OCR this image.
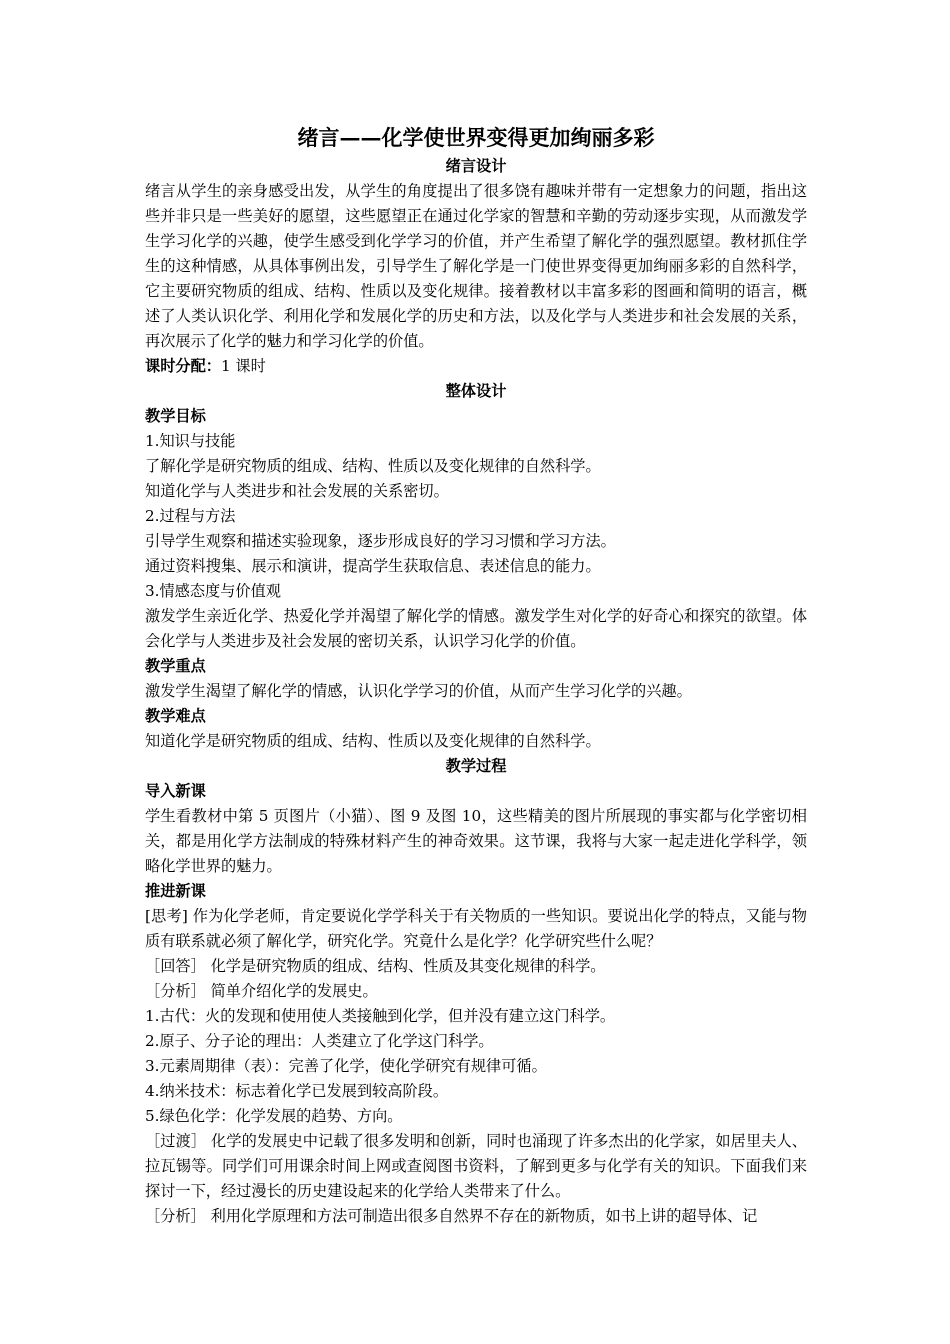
绪言——化学使世界变得更加绚丽多彩

绪言设计

绪言从学生的亲身感受出发，从学生的角度提出了很多饶有趣味并带有一定想象力的问题，指出这些并非只是一些美好的愿望，这些愿望正在通过化学家的智慧和辛勤的劳动逐步实现，从而激发学生学习化学的兴趣，使学生感受到化学学习的价值，并产生希望了解化学的强烈愿望。教材抓住学生的这种情感，从具体事例出发，引导学生了解化学是一门使世界变得更加绚丽多彩的自然科学，它主要研究物质的组成、结构、性质以及变化规律。接着教材以丰富多彩的图画和简明的语言，概述了人类认识化学、利用化学和发展化学的历史和方法，以及化学与人类进步和社会发展的关系，再次展示了化学的魅力和学习化学的价值。

课时分配：1 课时

整体设计

教学目标

1.知识与技能

了解化学是研究物质的组成、结构、性质以及变化规律的自然科学。

知道化学与人类进步和社会发展的关系密切。

2.过程与方法

引导学生观察和描述实验现象，逐步形成良好的学习习惯和学习方法。

通过资料搜集、展示和演讲，提高学生获取信息、表述信息的能力。

3.情感态度与价值观

激发学生亲近化学、热爱化学并渴望了解化学的情感。激发学生对化学的好奇心和探究的欲望。体会化学与人类进步及社会发展的密切关系，认识学习化学的价值。

教学重点

激发学生渴望了解化学的情感，认识化学学习的价值，从而产生学习化学的兴趣。

教学难点

知道化学是研究物质的组成、结构、性质以及变化规律的自然科学。

教学过程

导入新课

学生看教材中第 5 页图片（小猫）、图 9 及图 10，这些精美的图片所展现的事实都与化学密切相关，都是用化学方法制成的特殊材料产生的神奇效果。这节课，我将与大家一起走进化学科学，领略化学世界的魅力。

推进新课

[思考] 作为化学老师，肯定要说化学学科关于有关物质的一些知识。要说出化学的特点，又能与物质有联系就必须了解化学，研究化学。究竟什么是化学？化学研究些什么呢？

［回答］ 化学是研究物质的组成、结构、性质及其变化规律的科学。

［分析］ 简单介绍化学的发展史。

1.古代：火的发现和使用使人类接触到化学，但并没有建立这门科学。

2.原子、分子论的理出：人类建立了化学这门科学。

3.元素周期律（表）：完善了化学，使化学研究有规律可循。

4.纳米技术：标志着化学已发展到较高阶段。

5.绿色化学：化学发展的趋势、方向。

［过渡］ 化学的发展史中记载了很多发明和创新，同时也涌现了许多杰出的化学家，如居里夫人、拉瓦锡等。同学们可用课余时间上网或查阅图书资料，了解到更多与化学有关的知识。下面我们来探讨一下，经过漫长的历史建设起来的化学给人类带来了什么。

［分析］ 利用化学原理和方法可制造出很多自然界不存在的新物质，如书上讲的超导体、记
